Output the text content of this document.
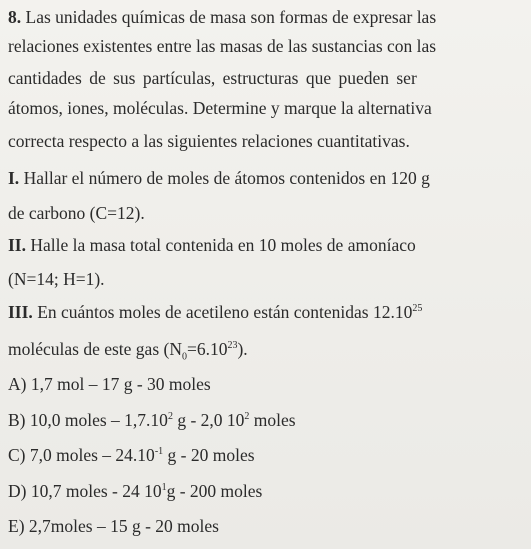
8. Las unidades químicas de masa son formas de expresar las
relaciones existentes entre las masas de las sustancias con las
cantidades de sus partículas, estructuras que pueden ser
átomos, iones, moléculas. Determine y marque la alternativa
correcta respecto a las siguientes relaciones cuantitativas.
I. Hallar el número de moles de átomos contenidos en 120 g
de carbono (C=12).
II. Halle la masa total contenida en 10 moles de amoníaco
(N=14; H=1).
III. En cuántos moles de acetileno están contenidas 12.10$^{25}$
moléculas de este gas $(N_0=6.10^{23})$.
A) 1,7 mol – 17 g - 30 moles
B) 10,0 moles – 1,7.10$^2$ g - 2,0 $10^2$ moles
C) 7,0 moles – $24.10^{-1}$ g - 20 moles
D) 10,7 moles - 24 $10^1g - 200$ moles
E) 2,7moles – 15 g - 20 moles
